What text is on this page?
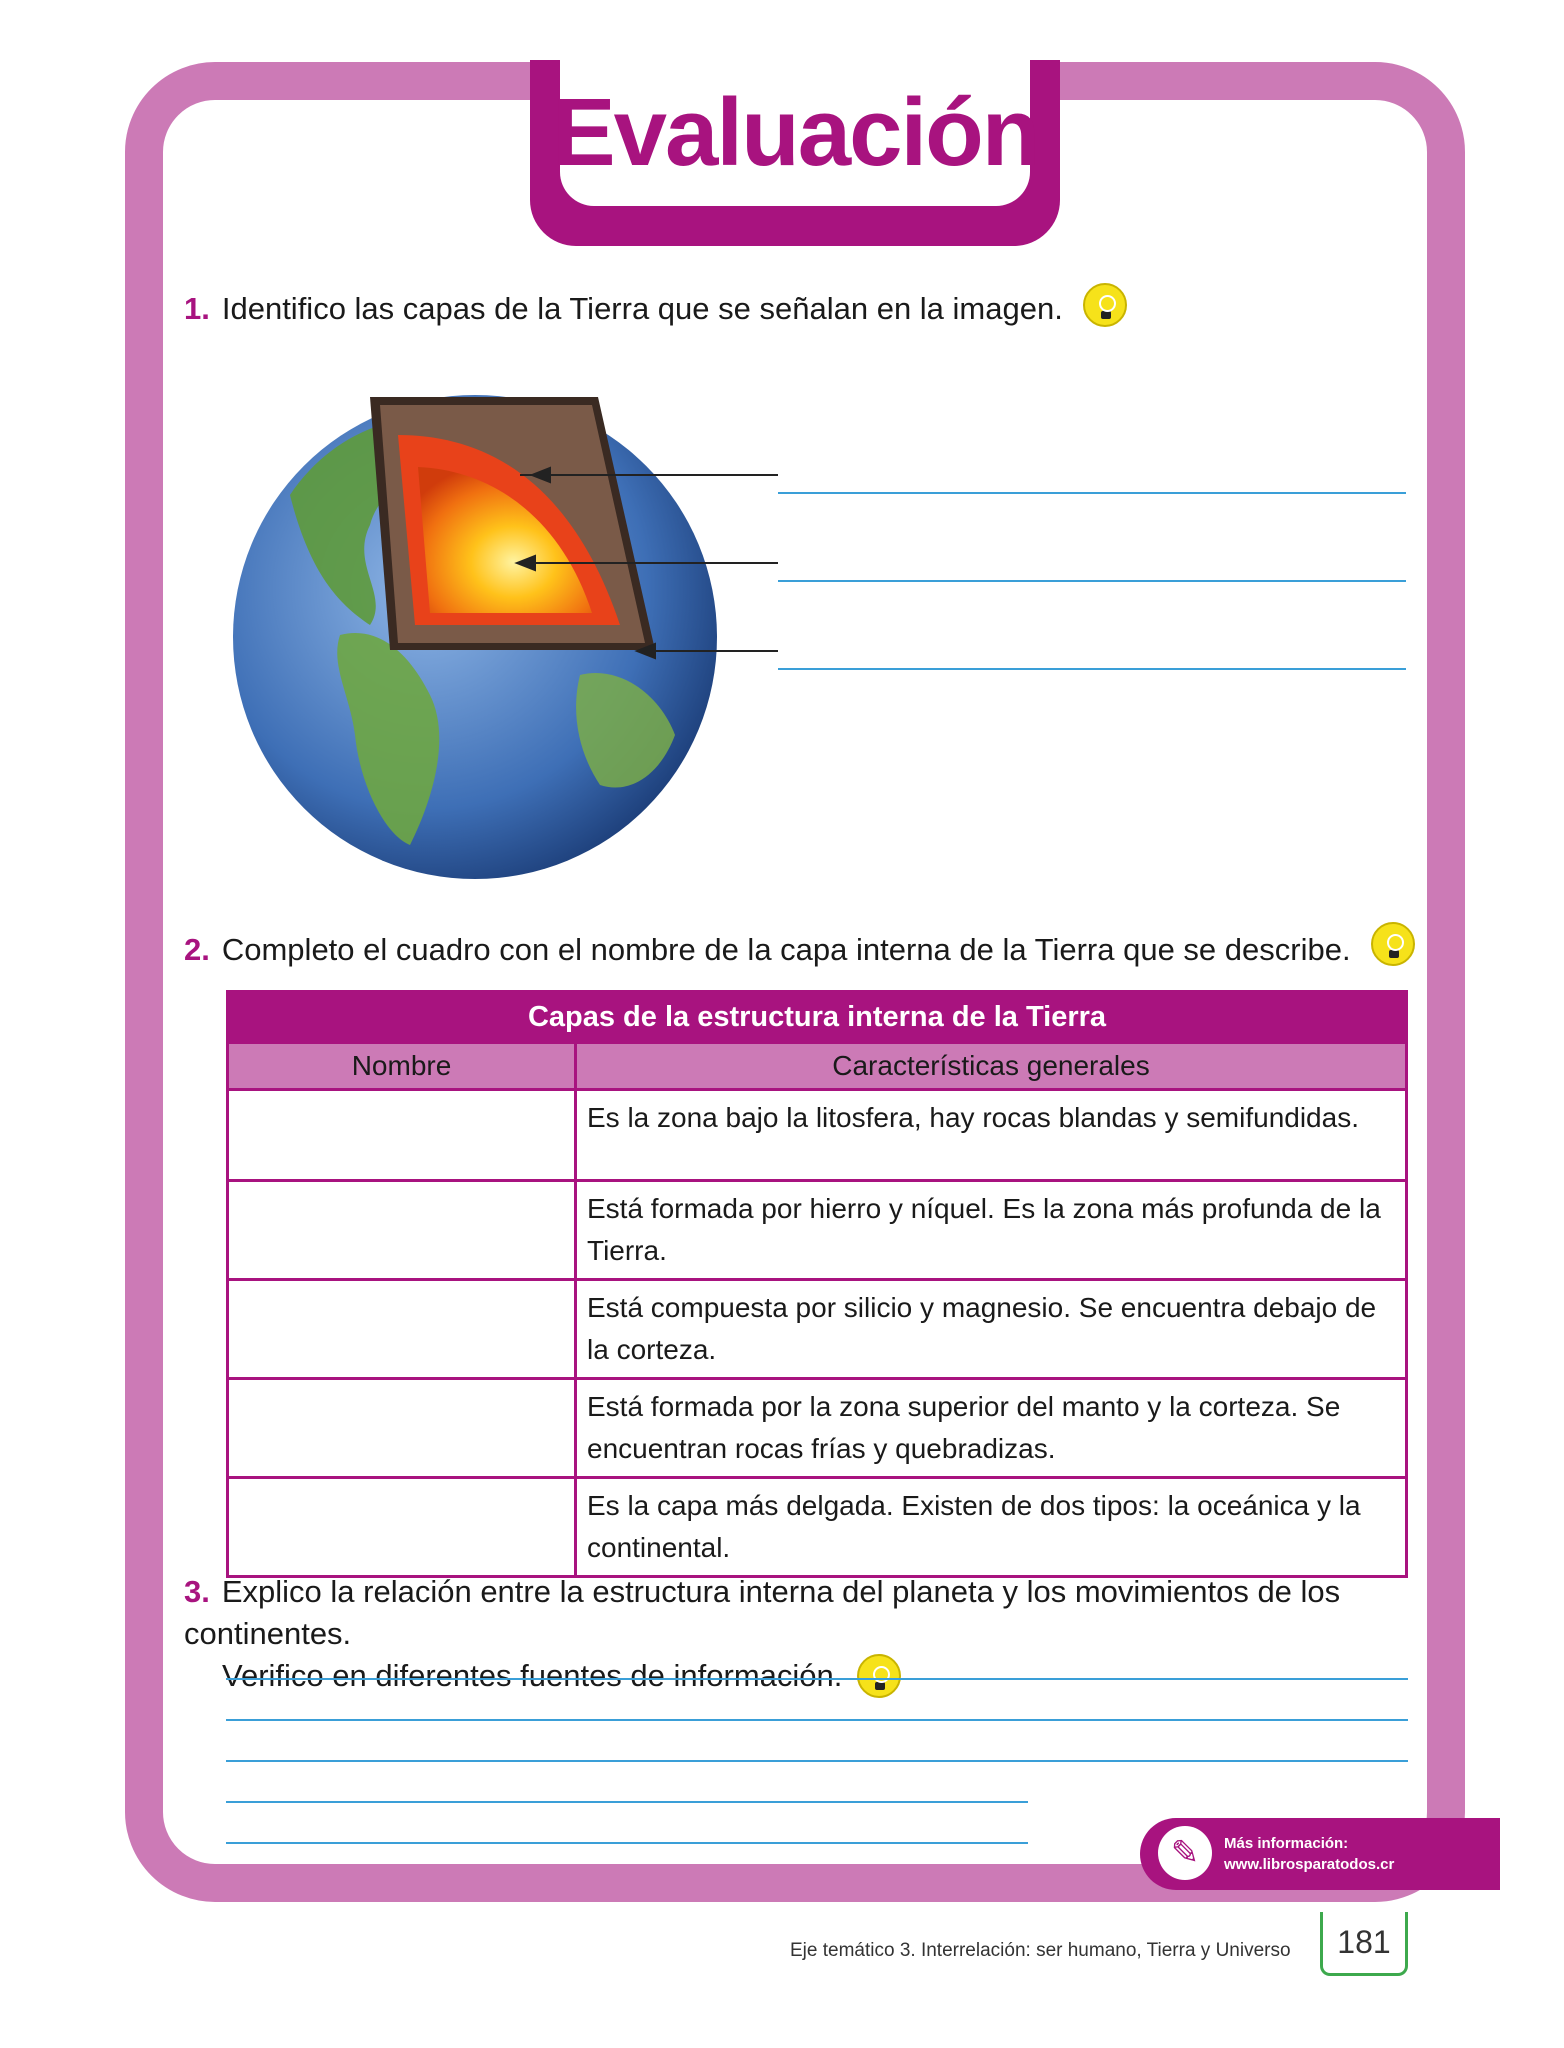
Evaluación
1. Identifico las capas de la Tierra que se señalan en la imagen.
2. Completo el cuadro con el nombre de la capa interna de la Tierra que se describe.
Capas de la estructura interna de la Tierra	
Nombre	Características generales
	Es la zona bajo la litosfera, hay rocas blandas y semifundidas.
	Está formada por hierro y níquel. Es la zona más profunda de la Tierra.
	Está compuesta por silicio y magnesio. Se encuentra debajo de la corteza.
	Está formada por la zona superior del manto y la corteza. Se encuentran rocas frías y quebradizas.
	Es la capa más delgada. Existen de dos tipos: la oceánica y la continental.
3. Explico la relación entre la estructura interna del planeta y los movimientos de los continentes.
Verifico en diferentes fuentes de información.
✎	Más información:
www.librosparatodos.cr
Eje temático 3. Interrelación: ser humano, Tierra y Universo	181
